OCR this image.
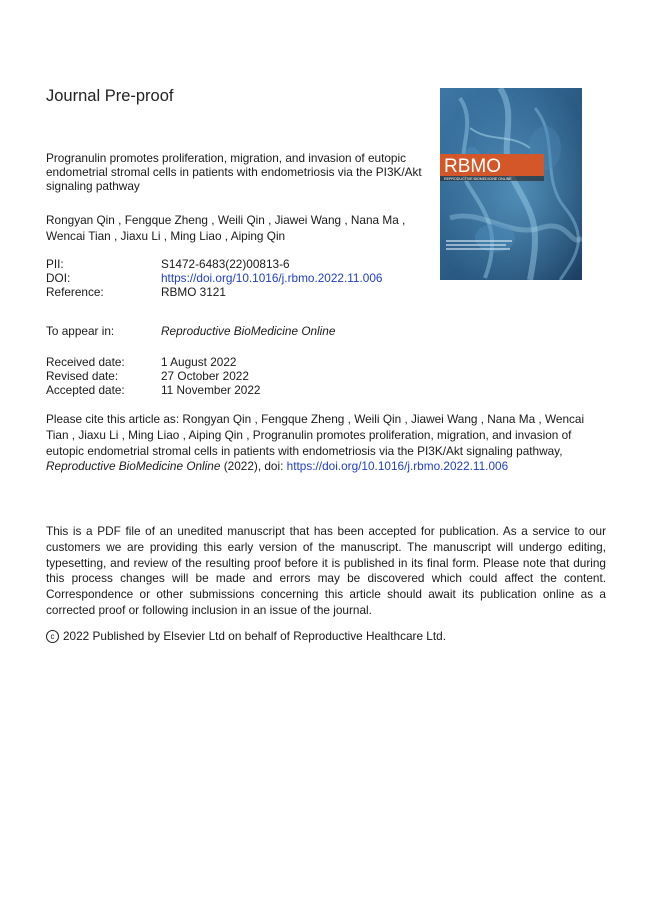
Journal Pre-proof
RBMO
REPRODUCTIVE BIOMEDICINE ONLINE
Progranulin promotes proliferation, migration, and invasion of eutopic endometrial stromal cells in patients with endometriosis via the PI3K/Akt signaling pathway
Rongyan Qin , Fengque Zheng , Weili Qin , Jiawei Wang , Nana Ma , Wencai Tian , Jiaxu Li , Ming Liao , Aiping Qin
PII:	S1472-6483(22)00813-6
DOI:	https://doi.org/10.1016/j.rbmo.2022.11.006
Reference:	RBMO 3121
To appear in:	Reproductive BioMedicine Online
Received date:	1 August 2022
Revised date:	27 October 2022
Accepted date:	11 November 2022
Please cite this article as: Rongyan Qin , Fengque Zheng , Weili Qin , Jiawei Wang , Nana Ma , Wencai Tian , Jiaxu Li , Ming Liao , Aiping Qin , Progranulin promotes proliferation, migration, and invasion of eutopic endometrial stromal cells in patients with endometriosis via the PI3K/Akt signaling pathway, Reproductive BioMedicine Online (2022), doi: https://doi.org/10.1016/j.rbmo.2022.11.006
This is a PDF file of an unedited manuscript that has been accepted for publication. As a service to our customers we are providing this early version of the manuscript. The manuscript will undergo editing, typesetting, and review of the resulting proof before it is published in its final form. Please note that during this process changes will be made and errors may be discovered which could affect the content. Correspondence or other submissions concerning this article should await its publication online as a corrected proof or following inclusion in an issue of the journal.
c 2022 Published by Elsevier Ltd on behalf of Reproductive Healthcare Ltd.
